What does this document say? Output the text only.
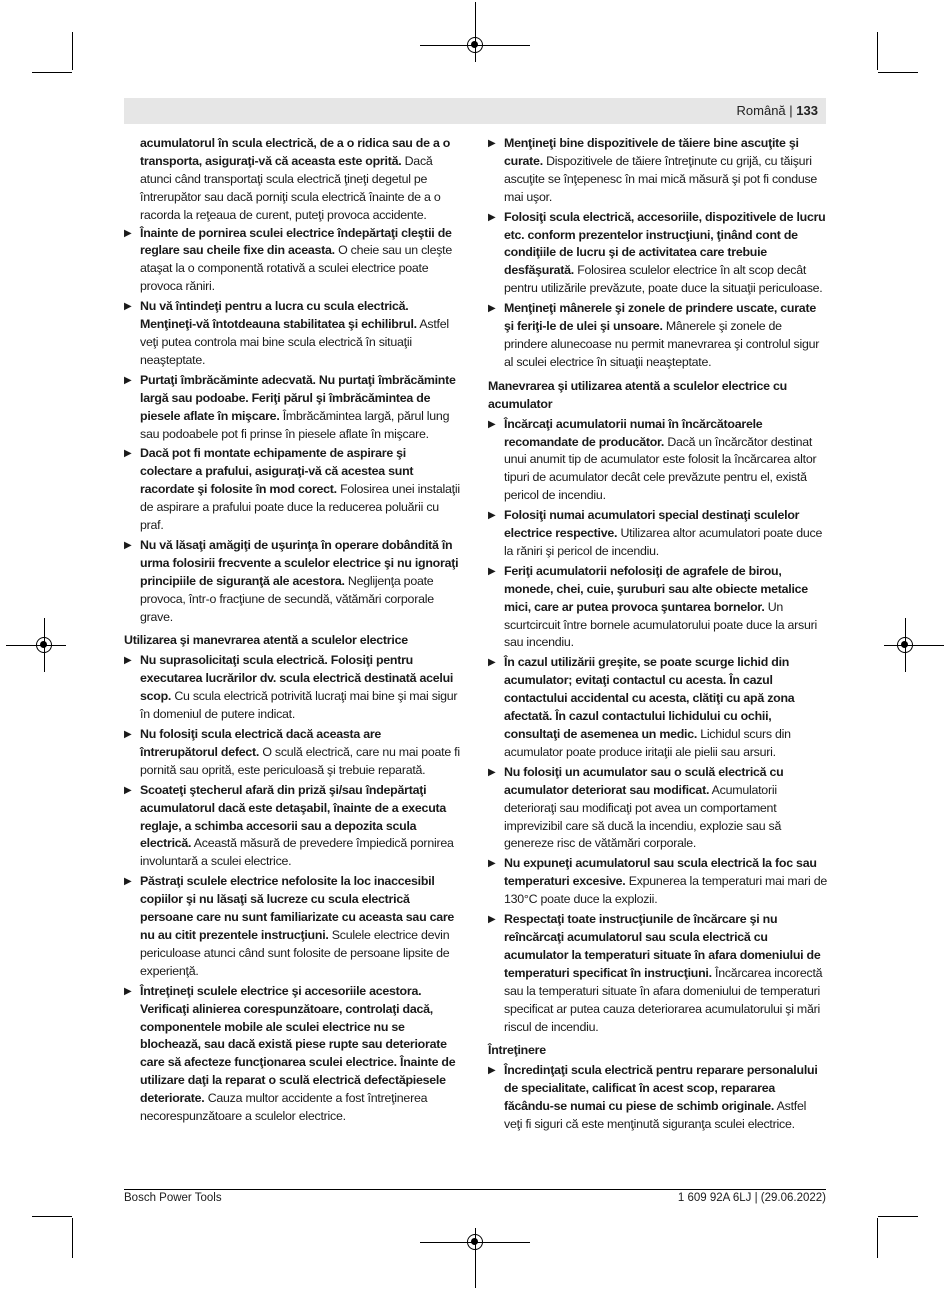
Română | 133
acumulatorul în scula electrică, de a o ridica sau de a o transporta, asiguraţi-vă că aceasta este oprită. Dacă atunci când transportaţi scula electrică ţineţi degetul pe întrerupător sau dacă porniţi scula electrică înainte de a o racorda la reţeaua de curent, puteţi provoca accidente.
▶ Înainte de pornirea sculei electrice îndepărtaţi cleştii de reglare sau cheile fixe din aceasta. O cheie sau un cleşte ataşat la o componentă rotativă a sculei electrice poate provoca răniri.
▶ Nu vă întindeţi pentru a lucra cu scula electrică. Menţineţi-vă întotdeauna stabilitatea şi echilibrul. Astfel veţi putea controla mai bine scula electrică în situaţii neaşteptate.
▶ Purtaţi îmbrăcăminte adecvată. Nu purtaţi îmbrăcăminte largă sau podoabe. Feriţi părul şi îmbrăcămintea de piesele aflate în mişcare. Îmbrăcămintea largă, părul lung sau podoabele pot fi prinse în piesele aflate în mişcare.
▶ Dacă pot fi montate echipamente de aspirare şi colectare a prafului, asiguraţi-vă că acestea sunt racordate şi folosite în mod corect. Folosirea unei instalaţii de aspirare a prafului poate duce la reducerea poluării cu praf.
▶ Nu vă lăsaţi amăgiţi de uşurinţa în operare dobândită în urma folosirii frecvente a sculelor electrice şi nu ignoraţi principiile de siguranţă ale acestora. Neglijenţa poate provoca, într-o fracţiune de secundă, vătămări corporale grave.
Utilizarea şi manevrarea atentă a sculelor electrice
▶ Nu suprasolicitaţi scula electrică. Folosiţi pentru executarea lucrărilor dv. scula electrică destinată acelui scop. Cu scula electrică potrivită lucraţi mai bine şi mai sigur în domeniul de putere indicat.
▶ Nu folosiţi scula electrică dacă aceasta are întrerupătorul defect. O sculă electrică, care nu mai poate fi pornită sau oprită, este periculoasă şi trebuie reparată.
▶ Scoateţi ştecherul afară din priză şi/sau îndepărtaţi acumulatorul dacă este detaşabil, înainte de a executa reglaje, a schimba accesorii sau a depozita scula electrică. Această măsură de prevedere împiedică pornirea involuntară a sculei electrice.
▶ Păstraţi sculele electrice nefolosite la loc inaccesibil copiilor şi nu lăsaţi să lucreze cu scula electrică persoane care nu sunt familiarizate cu aceasta sau care nu au citit prezentele instrucţiuni. Sculele electrice devin periculoase atunci când sunt folosite de persoane lipsite de experienţă.
▶ Întreţineţi sculele electrice şi accesoriile acestora. Verificaţi alinierea corespunzătoare, controlaţi dacă, componentele mobile ale sculei electrice nu se blochează, sau dacă există piese rupte sau deteriorate care să afecteze funcţionarea sculei electrice. Înainte de utilizare daţi la reparat o sculă electrică defectăpiesele deteriorate. Cauza multor accidente a fost întreţinerea necorespunzătoare a sculelor electrice.
▶ Menţineţi bine dispozitivele de tăiere bine ascuţite şi curate. Dispozitivele de tăiere întreţinute cu grijă, cu tăişuri ascuţite se înţepenesc în mai mică măsură şi pot fi conduse mai uşor.
▶ Folosiţi scula electrică, accesoriile, dispozitivele de lucru etc. conform prezentelor instrucţiuni, ţinând cont de condiţiile de lucru şi de activitatea care trebuie desfăşurată. Folosirea sculelor electrice în alt scop decât pentru utilizările prevăzute, poate duce la situaţii periculoase.
▶ Menţineţi mânerele şi zonele de prindere uscate, curate şi feriţi-le de ulei şi unsoare. Mânerele şi zonele de prindere alunecoase nu permit manevrarea şi controlul sigur al sculei electrice în situaţii neaşteptate.
Manevrarea şi utilizarea atentă a sculelor electrice cu acumulator
▶ Încărcaţi acumulatorii numai în încărcătoarele recomandate de producător. Dacă un încărcător destinat unui anumit tip de acumulator este folosit la încărcarea altor tipuri de acumulator decât cele prevăzute pentru el, există pericol de incendiu.
▶ Folosiţi numai acumulatori special destinaţi sculelor electrice respective. Utilizarea altor acumulatori poate duce la răniri şi pericol de incendiu.
▶ Feriţi acumulatorii nefolosiţi de agrafele de birou, monede, chei, cuie, şuruburi sau alte obiecte metalice mici, care ar putea provoca şuntarea bornelor. Un scurtcircuit între bornele acumulatorului poate duce la arsuri sau incendiu.
▶ În cazul utilizării greşite, se poate scurge lichid din acumulator; evitaţi contactul cu acesta. În cazul contactului accidental cu acesta, clătiţi cu apă zona afectată. În cazul contactului lichidului cu ochii, consultaţi de asemenea un medic. Lichidul scurs din acumulator poate produce iritaţii ale pielii sau arsuri.
▶ Nu folosiţi un acumulator sau o sculă electrică cu acumulator deteriorat sau modificat. Acumulatorii deterioraţi sau modificaţi pot avea un comportament imprevizibil care să ducă la incendiu, explozie sau să genereze risc de vătămări corporale.
▶ Nu expuneţi acumulatorul sau scula electrică la foc sau temperaturi excesive. Expunerea la temperaturi mai mari de 130°C poate duce la explozii.
▶ Respectaţi toate instrucţiunile de încărcare şi nu reîncărcaţi acumulatorul sau scula electrică cu acumulator la temperaturi situate în afara domeniului de temperaturi specificat în instrucţiuni. Încărcarea incorectă sau la temperaturi situate în afara domeniului de temperaturi specificat ar putea cauza deteriorarea acumulatorului şi mări riscul de incendiu.
Întreţinere
▶ Încredinţaţi scula electrică pentru reparare personalului de specialitate, calificat în acest scop, repararea făcându-se numai cu piese de schimb originale. Astfel veţi fi siguri că este menţinută siguranţa sculei electrice.
Bosch Power Tools	1 609 92A 6LJ | (29.06.2022)
